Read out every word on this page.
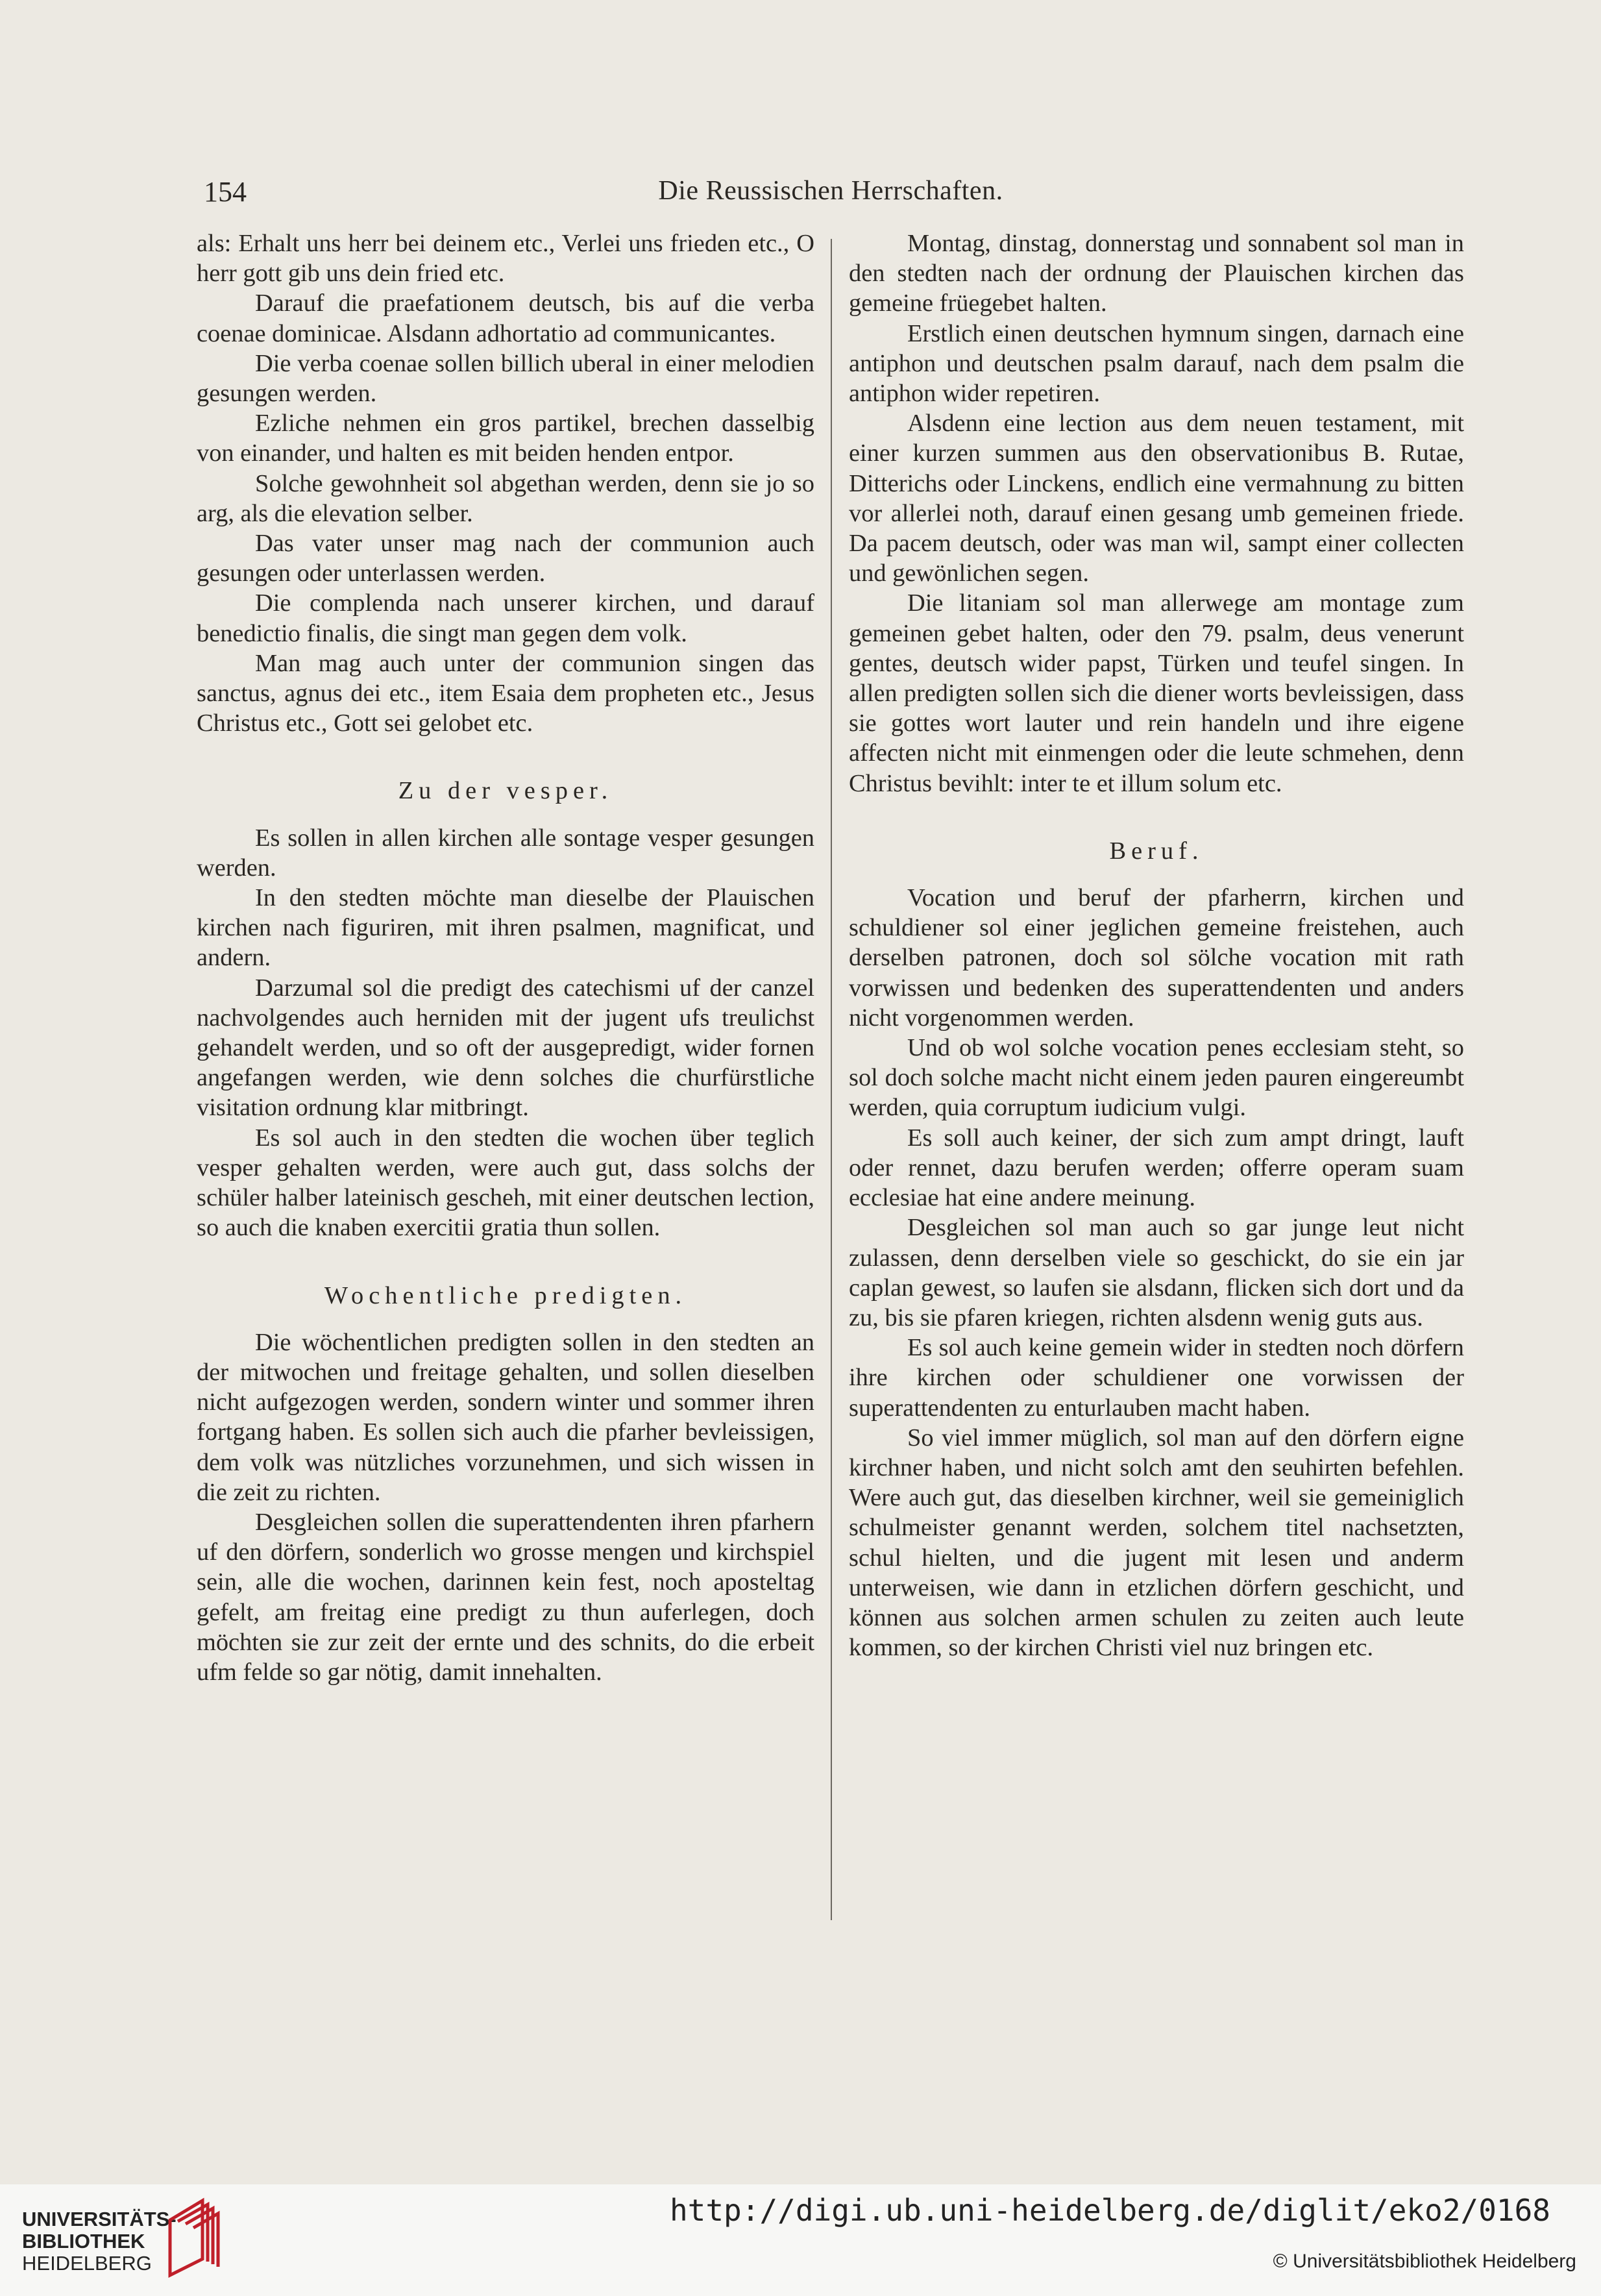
154	Die Reussischen Herrschaften.

als: Erhalt uns herr bei deinem etc., Verlei uns frieden etc., O herr gott gib uns dein fried etc.

Darauf die praefationem deutsch, bis auf die verba coenae dominicae. Alsdann adhortatio ad communicantes.

Die verba coenae sollen billich uberal in einer melodien gesungen werden.

Ezliche nehmen ein gros partikel, brechen dasselbig von einander, und halten es mit beiden henden entpor.

Solche gewohnheit sol abgethan werden, denn sie jo so arg, als die elevation selber.

Das vater unser mag nach der communion auch gesungen oder unterlassen werden.

Die complenda nach unserer kirchen, und darauf benedictio finalis, die singt man gegen dem volk.

Man mag auch unter der communion singen das sanctus, agnus dei etc., item Esaia dem propheten etc., Jesus Christus etc., Gott sei gelobet etc.

Zu der vesper.

Es sollen in allen kirchen alle sontage vesper gesungen werden.

In den stedten möchte man dieselbe der Plauischen kirchen nach figuriren, mit ihren psalmen, magnificat, und andern.

Darzumal sol die predigt des catechismi uf der canzel nachvolgendes auch herniden mit der jugent ufs treulichst gehandelt werden, und so oft der ausgepredigt, wider fornen angefangen werden, wie denn solches die churfürstliche visitation ordnung klar mitbringt.

Es sol auch in den stedten die wochen über teglich vesper gehalten werden, were auch gut, dass solchs der schüler halber lateinisch gescheh, mit einer deutschen lection, so auch die knaben exercitii gratia thun sollen.

Wochentliche predigten.

Die wöchentlichen predigten sollen in den stedten an der mitwochen und freitage gehalten, und sollen dieselben nicht aufgezogen werden, sondern winter und sommer ihren fortgang haben. Es sollen sich auch die pfarher bevleissigen, dem volk was nützliches vorzunehmen, und sich wissen in die zeit zu richten.

Desgleichen sollen die superattendenten ihren pfarhern uf den dörfern, sonderlich wo grosse mengen und kirchspiel sein, alle die wochen, darinnen kein fest, noch aposteltag gefelt, am freitag eine predigt zu thun auferlegen, doch möchten sie zur zeit der ernte und des schnits, do die erbeit ufm felde so gar nötig, damit innehalten.

Montag, dinstag, donnerstag und sonnabent sol man in den stedten nach der ordnung der Plauischen kirchen das gemeine früegebet halten.

Erstlich einen deutschen hymnum singen, darnach eine antiphon und deutschen psalm darauf, nach dem psalm die antiphon wider repetiren.

Alsdenn eine lection aus dem neuen testament, mit einer kurzen summen aus den observationibus B. Rutae, Ditterichs oder Linckens, endlich eine vermahnung zu bitten vor allerlei noth, darauf einen gesang umb gemeinen friede. Da pacem deutsch, oder was man wil, sampt einer collecten und gewönlichen segen.

Die litaniam sol man allerwege am montage zum gemeinen gebet halten, oder den 79. psalm, deus venerunt gentes, deutsch wider papst, Türken und teufel singen. In allen predigten sollen sich die diener worts bevleissigen, dass sie gottes wort lauter und rein handeln und ihre eigene affecten nicht mit einmengen oder die leute schmehen, denn Christus bevihlt: inter te et illum solum etc.

Beruf.

Vocation und beruf der pfarherrn, kirchen und schuldiener sol einer jeglichen gemeine freistehen, auch derselben patronen, doch sol sölche vocation mit rath vorwissen und bedenken des superattendenten und anders nicht vorgenommen werden.

Und ob wol solche vocation penes ecclesiam steht, so sol doch solche macht nicht einem jeden pauren eingereumbt werden, quia corruptum iudicium vulgi.

Es soll auch keiner, der sich zum ampt dringt, lauft oder rennet, dazu berufen werden; offerre operam suam ecclesiae hat eine andere meinung.

Desgleichen sol man auch so gar junge leut nicht zulassen, denn derselben viele so geschickt, do sie ein jar caplan gewest, so laufen sie alsdann, flicken sich dort und da zu, bis sie pfaren kriegen, richten alsdenn wenig guts aus.

Es sol auch keine gemein wider in stedten noch dörfern ihre kirchen oder schuldiener one vorwissen der superattendenten zu enturlauben macht haben.

So viel immer müglich, sol man auf den dörfern eigne kirchner haben, und nicht solch amt den seuhirten befehlen. Were auch gut, das dieselben kirchner, weil sie gemeiniglich schulmeister genannt werden, solchem titel nachsetzten, schul hielten, und die jugent mit lesen und anderm unterweisen, wie dann in etzlichen dörfern geschicht, und können aus solchen armen schulen zu zeiten auch leute kommen, so der kirchen Christi viel nuz bringen etc.

UNIVERSITÄTS-
BIBLIOTHEK
HEIDELBERG
http://digi.ub.uni-heidelberg.de/diglit/eko2/0168
© Universitätsbibliothek Heidelberg
